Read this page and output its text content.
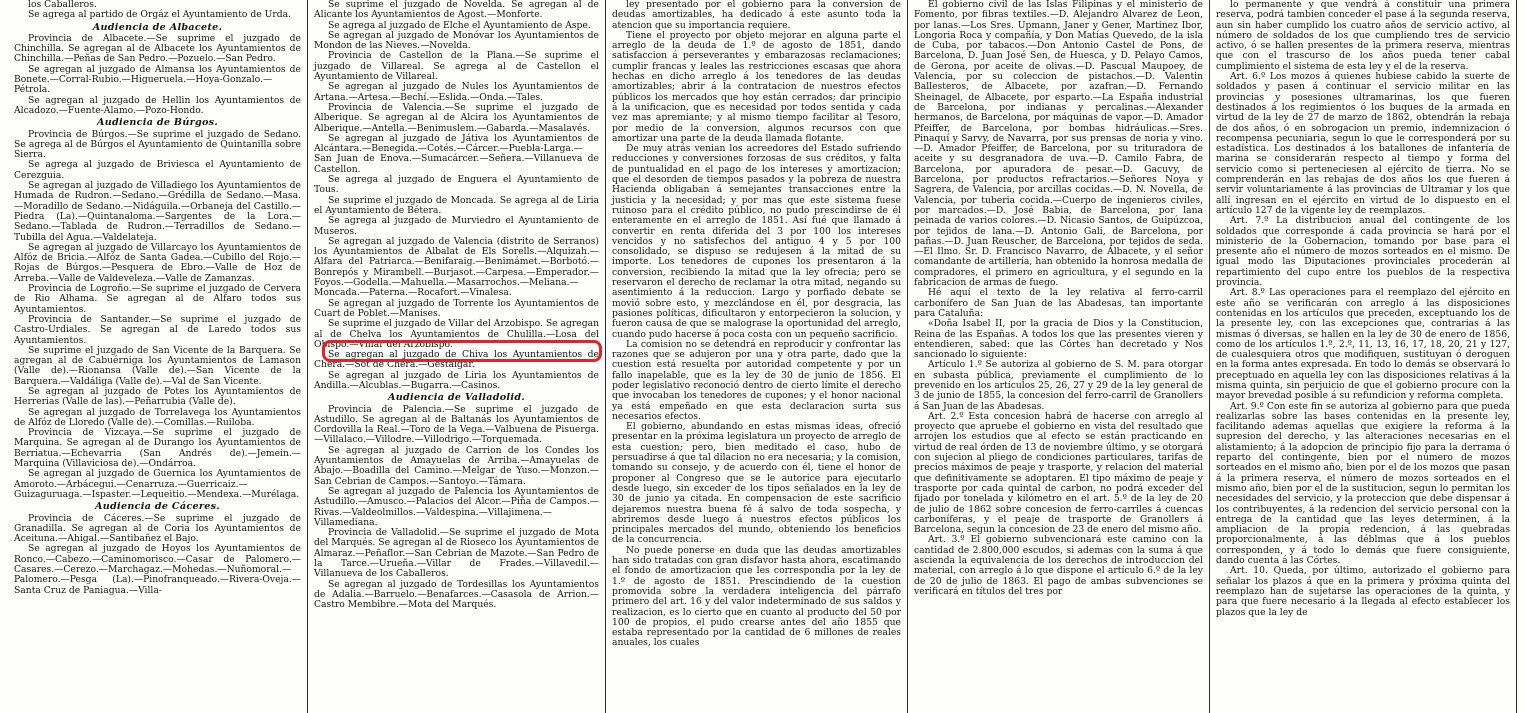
los Caballeros.

Se agrega al partido de Orgáz el Ayuntamiento de Urda.

Audiencia de Albacete.

Provincia de Albacete.—Se suprime el juzgado de Chinchilla. Se agregan al de Albacete los Ayuntamientos de Chinchilla.—Peñas de San Pedro.—Pozuelo.—San Pedro.

Se agregan al juzgado de Almansa los Ayuntamientos de Bonete.—Corral-Rubio.—Higueruela.—Hoya-Gonzalo.—Pétrola.

Se agregan al juzgado de Hellin los Ayuntamientos de Alcadozo.—Fuente-Alamo.—Pozo-Hondo.

Audiencia de Búrgos.

Provincia de Búrgos.—Se suprime el juzgado de Sedano. Se agrega al de Búrgos el Ayuntamiento de Quintanilla sobre Sierra.

Se agrega al juzgado de Briviesca el Ayuntamiento de Cerezguia.

Se agregan al juzgado de Villadiego los Ayuntamientos de Humada de Rudron.—Sedano.—Grédilla de Sedano.—Masa.—Moradillo de Sedano.—Nidáguila.—Orbaneja del Castillo.—Piedra (La).—Quintanaloma.—Sargentes de la Lora.—Sedano.—Tablada de Rudron.—Terradillos de Sedano.—Tubilla del Agua.—Valdelateja.

Se agregan al juzgado de Villarcayo los Ayuntamientos de Alfóz de Bricia.—Alfóz de Santa Gadea.—Cubillo del Rojo.—Rojas de Búrgos.—Pesquera de Ebro.—Valle de Hoz de Arreba.—Valle de Valdeveleza.—Valle de Zamanzas.

Provincia de Logroño.—Se suprime el juzgado de Cervera de Rio Alhama. Se agregan al de Alfaro todos sus Ayuntamientos.

Provincia de Santander.—Se suprime el juzgado de Castro-Urdiales. Se agregan al de Laredo todos sus Ayuntamientos.

Se suprime el juzgado de San Vicente de la Barquera. Se agregan al de Cabuérniga los Ayuntamientos de Lamason (Valle de).—Rionansa (Valle de).—San Vicente de la Barquera.—Valdáliga (Valle de).—Val de San Vicente.

Se agregan al juzgado de Potes los Ayuntamientos de Herrerias (Valle de las).—Peñarrubia (Valle de).

Se agregan al juzgado de Torrelavega los Ayuntamientos de Alfóz de Lloredo (Valle de).—Comillas.—Ruiloba.

Provincia de Vizcaya.—Se suprime el juzgado de Marquina. Se agregan al de Durango los Ayuntamientos de Berriatua.—Echevarria (San Andrés de).—Jemein.—Marquina (Villaviciosa de).—Ondárroa.

Se agregan al juzgado de Guernica los Ayuntamientos de Amoroto.—Arbácegui.—Cenarruza.—Guerricaiz.—Guizaguruaga.—Ispaster.—Lequeitio.—Mendexa.—Murélaga.

Audiencia de Cáceres.

Provincia de Cáceres.—Se suprime el juzgado de Granadilla. Se agregan al de Coria los Ayuntamientos de Aceituna.—Ahigal.—Santibañez el Bajo.

Se agregan al juzgado de Hoyos los Ayuntamientos de Ronco.—Cabezo.—Caminomorisco.—Casar de Palomero.—Casares.—Cerezo.—Marchagaz.—Mohedas.—Nuñomoral.—Palomero.—Pesga (La).—Pinofranqueado.—Rivera-Oveja.—Santa Cruz de Paniagua.—Villa-

Se suprime el juzgado de Novelda. Se agregan al de Alicante los Ayuntamientos de Agost.—Monforte.

Se agrega al juzgado de Elche el Ayuntamiento de Aspe.

Se agregan al juzgado de Monóvar los Ayuntamientos de Mondon de las Nieves.—Novelda.

Provincia de Castellon de la Plana.—Se suprime el juzgado de Villareal. Se agrega al de Castellon el Ayuntamiento de Villareal.

Se agregan al juzgado de Nules los Ayuntamientos de Artana.—Artesa.—Bechí.—Eslida.—Onda.—Tales.

Provincia de Valencia.—Se suprime el juzgado de Alberique. Se agregan al de Alcira los Ayuntamientos de Alberique.—Antella.—Benimuslem.—Gabarda.—Masalavés.

Se agregan al juzgado de Játiva los Ayuntamientos de Alcántara.—Benegida.—Cotés.—Cárcer.—Puebla-Larga.—San Juan de Enova.—Sumacárcer.—Señera.—Villanueva de Castellon.

Se agrega al juzgado de Enguera el Ayuntamiento de Tous.

Se suprime el juzgado de Moncada. Se agrega al de Liria el Ayuntamiento de Bétera.

Se agrega al juzgado de Murviedro el Ayuntamiento de Museros.

Se agregan al juzgado de Valencia (distrito de Serranos) los Ayuntamientos de Albalat de Els Sorells.—Alquizah.—Alfara del Patriarca.—Benifaraig.—Benimámet.—Borbotó.—Bonrepós y Mirambell.—Burjasot.—Carpesa.—Emperador.—Foyos.—Godella.—Mahuella.—Masarrochos.—Meliana.—Moncada.—Paterna.—Rocafort.—Vinalesa.

Se agregan al juzgado de Torrente los Ayuntamientos de Cuart de Poblet.—Manises.

Se suprime el juzgado de Villar del Arzobispo. Se agregan al de Chelva los Ayuntamientos de Chulilla.—Losa del Obispo.—Villar del Arzobispo.

Se agregan al juzgado de Chiva los Ayuntamientos de Chera.—Sot de Chera.—Gestalgar.

Se agregan al juzgado de Liria los Ayuntamientos de Andilla.—Alcublas.—Bugarra.—Casinos.

Audiencia de Valladolid.

Provincia de Palencia.—Se suprime el juzgado de Astudillo. Se agregan al de Baltanás los Ayuntamientos de Cordovilla la Real.—Toro de la Vega.—Valbuena de Pisuerga.—Villalaco.—Villodre.—Villodrigo.—Torquemada.

Se agregan al juzgado de Carrion de los Condes los Ayuntamientos de Amayuelas de Arriba.—Amayuelas de Abajo.—Boadilla del Camino.—Melgar de Yuso.—Monzon.—San Cebrian de Campos.—Santoyo.—Támara.

Se agregan al juzgado de Palencia los Ayuntamientos de Astudillo.—Amusco.—Palacios del Alcor.—Piña de Campos.—Rivas.—Valdeolmillos.—Valdespina.—Villajimena.—Villamediana.

Provincia de Valladolid.—Se suprime el juzgado de Mota del Marqués. Se agregan al de Rioseco los Ayuntamientos de Almaraz.—Peñaflor.—San Cebrian de Mazote.—San Pedro de la Tarce.—Urueña.—Villar de Frades.—Villavedil.—Villanueva de los Caballeros.

Se agregan al juzgado de Tordesillas los Ayuntamientos de Adalia.—Barruelo.—Benafarces.—Casasola de Arrion.—Castro Membibre.—Mota del Marqués.

ley presentado por el gobierno para la conversion de deudas amortizables, ha dedicado á este asunto toda la atencion que su importancia requiere.

Tiene el proyecto por objeto mejorar en alguna parte el arreglo de la deuda de 1.º de agosto de 1851, dando satisfaccion á perseverantes y embarazosas reclamaciones; cumplir francas y leales las restricciones escasas que ahora hechas en dicho arreglo á los tenedores de las deudas amortizables; abrir á la contratacion de nuestros efectos públicos los mercados que hoy están cerrados; dar principio á la unificacion, que es necesidad por todos sentida y cada vez mas apremiante; y al mismo tiempo facilitar al Tesoro, por medio de la conversion, algunos recursos con que amortizar una parte de la deuda llamada flotante.

De muy atrás venian los acreedores del Estado sufriendo reducciones y conversiones forzosas de sus créditos, y falta de puntualidad en el pago de los intereses y amortizacion; que el desorden de tiempos pasados y la pobreza de nuestra Hacienda obligaban á semejantes transacciones entre la justicia y la necesidad; y por mas que este sistema fuese ruinoso para el crédito público, no pudo prescindirse de él enteramente en el arreglo de 1851. Así fué que llamado á convertir en renta diferida del 3 por 100 los intereses vencidos y no satisfechos del antiguo 4 y 5 por 100 consolidado, se dispuso se redujesen á la mitad de su importe. Los tenedores de cupones los presentaron á la conversion, recibiendo la mitad que la ley ofrecia; pero se reservaron el derecho de reclamar la otra mitad, negando su asentimiento á la reduccion. Largo y porfiado debate se movió sobre esto, y mezclándose en él, por desgracia, las pasiones políticas, dificultaron y entorpecieron la solucion, y fueron causa de que se malograse la oportunidad del arreglo, cuando pudo hacerse á poca costa con un pequeño sacrificio.

La comision no se detendrá en reproducir y confrontar las razones que se adujeron por una y otra parte, dado que la cuestion está resuelta por autoridad competente y por un fallo inapelable, que es la ley de 30 de junio de 1856. El poder legislativo reconoció dentro de cierto límite el derecho que invocaban los tenedores de cupones; y el honor nacional ya está empeñado en que esta declaracion surta sus necesarios efectos.

El gobierno, abundando en estas mismas ideas, ofreció presentar en la próxima legislatura un proyecto de arreglo de esta cuestion; pero, bien meditado el caso, hubo de persuadirse á que tal dilacion no era necesaria; y la comision, tomando su consejo, y de acuerdo con él, tiene el honor de proponer al Congreso que se le autorice para ejecutarlo desde luego, sin exceder de los tipos señalados en la ley de 30 de junio ya citada. En compensacion de este sacrificio dejaremos nuestra buena fé á salvo de toda sospecha, y abriremos desde luego á nuestros efectos públicos los principales mercados del mundo, obteniendo los beneficios de la concurrencia.

No puede ponerse en duda que las deudas amortizables han sido tratadas con gran disfavor hasta ahora, escatimando el fondo de amortizacion que les correspondia por la ley de 1.º de agosto de 1851. Prescindiendo de la cuestion promovida sobre la verdadera inteligencia del párrafo primero del art. 16 y del valor indeterminado de sus saldos y realizacion, es lo cierto que en cuanto al producto del 50 por 100 de propios, el pudo crearse antes del año 1855 que estaba representado por la cantidad de 6 millones de reales anuales, los cuales

El gobierno civil de las Islas Filipinas y el ministerio de Fomento, por fibras textiles.—D. Alejandro Alvarez de Leon, por lanas.—Los Sres. Upmann, Janer y Gener, Martinez Ibor, Longoria Roca y compañía, y Don Matías Quevedo, de la isla de Cuba, por tabacos.—Don Antonio Castel de Pons, de Barcelona, D. Juan José Sen, de Huesca, y D. Pelayo Camos, de Gerona, por aceite de olivas.—D. Pascual Maupoey, de Valencia, por su coleccion de pistachos.—D. Valentin Ballesteros, de Albacete, por azafran.—D. Fernando Sheinagel, de Albacete, por esparto.—La España industrial de Barcelona, por indianas y percalinas.—Alexander hermanos, de Barcelona, por máquinas de vapor.—D. Amador Pfeiffer, de Barcelona, por bombas hidráulicas.—Sres. Pinaquí y Sarvy, de Navarra, por sus prensas de noria y vino.—D. Amador Pfeiffer, de Barcelona, por su trituradora de aceite y su desgranadora de uva.—D. Camilo Fabra, de Barcelona, por apuradora de pesar.—D. Gacuvy, de Barcelona, por productos refractarios.—Señores Noya y Sagrera, de Valencia, por arcillas cocidas.—D. N. Novella, de Valencia, por tuberia cocida.—Cuerpo de ingenieros civiles, por marcados.—D. José Babia, de Barcelona, por lana peinada de varios colores.—D. Nicasio Santos, de Guipúzcoa, por tejidos de lana.—D. Antonio Gali, de Barcelona, por pañas.—D. Juan Reuscher, de Barcelona, por tejidos de seda.—El Ilmo. Sr. D. Francisco Navarro, de Albacete, y el señor comandante de artillería, han obtenido la honrosa medalla de compradores, el primero en agricultura, y el segundo en la fabricacion de armas de fuego.

Hé aquí el texto de la ley relativa al ferro-carril carbonífero de San Juan de las Abadesas, tan importante para Cataluña:

«Doña Isabel II, por la gracia de Dios y la Constitucion, Reina de las Españas. A todos los que las presentes vieren y entendieren, sabed: que las Córtes han decretado y Nos sancionado lo siguiente:

Artículo 1.º Se autoriza al gobierno de S. M. para otorgar en subasta pública, previamente el cumplimiento de lo prevenido en los artículos 25, 26, 27 y 29 de la ley general de 3 de junio de 1855, la concesion del ferro-carril de Granollers á San Juan de las Abadesas.

Art. 2.º Esta concesion habrá de hacerse con arreglo al proyecto que apruebe el gobierno en vista del resultado que arrojen los estudios que al efecto se están practicando en virtud de real órden de 13 de noviembre último, y se otorgará con sujecion al pliego de condiciones particulares, tarifas de precios máximos de peaje y trasporte, y relacion del material que definitivamente se adoptaren. El tipo máximo de peaje y trasporte por cada quintal de carbon, no podrá exceder del fijado por tonelada y kilómetro en el art. 5.º de la ley de 20 de julio de 1862 sobre concesion de ferro-carriles á cuencas carboníferas, y el peaje de trasporte de Granollers á Barcelona, segun la concesion de 23 de enero del mismo año.

Art. 3.º El gobierno subvencionará este camino con la cantidad de 2.800,000 escudos, si ademas con la suma á que ascienda la equivalencia de los derechos de introduccion del material, con arreglo á lo que dispone el artículo 6.º de la ley de 20 de julio de 1863. El pago de ambas subvenciones se verificará en títulos del tres por

lo permanente y que vendrá á constituir una primera reserva, podrá tambien conceder el pase á la segunda reserva, aun sin haber cumplido los cuatro años de servicio activo, al número de soldados de los que cumpliendo tres de servicio activo, ó se hallen presentes de la primera reserva, mientras que con el trascurso de los años pueda tener cabal cumplimiento el sistema de esta ley y el de la reserva.

Art. 6.º Los mozos á quienes hubiese cabido la suerte de soldados y pasen á continuar el servicio militar en las provincias y posesiones ultramarinas, los que fueren destinados á los regimientos ó los buques de la armada en virtud de la ley de 27 de marzo de 1862, obtendrán la rebaja de dos años, ó en sobrogacion un premio, indemnizacion ó recompensa pecuniaria, segun lo que le corresponderá por su estadística. Los destinados á los batallones de infantería de marina se considerarán respecto al tiempo y forma del servicio como si perteneciesen al ejército de tierra. No se comprenderán en las rebajas de dos años los que fueren á servir voluntariamente á las provincias de Ultramar y los que allí ingresan en el ejército en virtud de lo dispuesto en el artículo 127 de la vigente ley de reemplazos.

Art. 7.º La distribucion anual del contingente de los soldados que corresponde á cada provincia se hará por el ministerio de la Gobernacion, tomando por base para el presente año el número de mozos sorteados en el mismo. De igual modo las Diputaciones provinciales procederán al repartimiento del cupo entre los pueblos de la respectiva provincia.

Art. 8.º Las operaciones para el reemplazo del ejército en este año se verificarán con arreglo á las disposiciones contenidas en los artículos que preceden, exceptuando los de la presente ley, con las excepciones que, contrarias á las mismas ó diversas, se hallen en la ley de 30 de enero de 1856, como de los artículos 1.º, 2.º, 11, 13, 16, 17, 18, 20, 21 y 127, de cualesquiera otros que modifiquen, sustituyan ó deroguen en la forma antes expresada. En todo lo demás se observará lo preceptuado en aquella ley con las disposiciones relativas á la misma quinta, sin perjuicio de que el gobierno procure con la mayor brevedad posible á su refundicion y reforma completa.

Art. 9.º Con este fin se autoriza al gobierno para que pueda realizarlas sobre las bases contenidas en la presente ley, facilitando ademas aquellas que exigiere la reforma á la supresion del derecho, y las alteraciones necesarias en el alistamiento; á la adopcion de principio fijo para la derrama ó reparto del contingente, bien por el número de mozos sorteados en el mismo año, bien por el de los mozos que pasan á la primera reserva, el número de mozos sorteados en el mismo año, bien por el de la sustitucion, segun lo permitan los necesidades del servicio, y la proteccion que debe dispensar á los contribuyentes, á la redencion del servicio personal con la entrega de la cantidad que las leyes determinen, á la ampliacion de la propia redencion, á las quebradas proporcionalmente, á las déblmas que á los pueblos corresponden, y á todo lo demás que fuere consiguiente, dando cuenta á las Córtes.

Art. 10. Queda, por último, autorizado el gobierno para señalar los plazos á que en la primera y próxima quinta del reemplazo han de sujetarse las operaciones de la quinta, y para que fuere necesario á la llegada al efecto establecer los plazos que la ley de
